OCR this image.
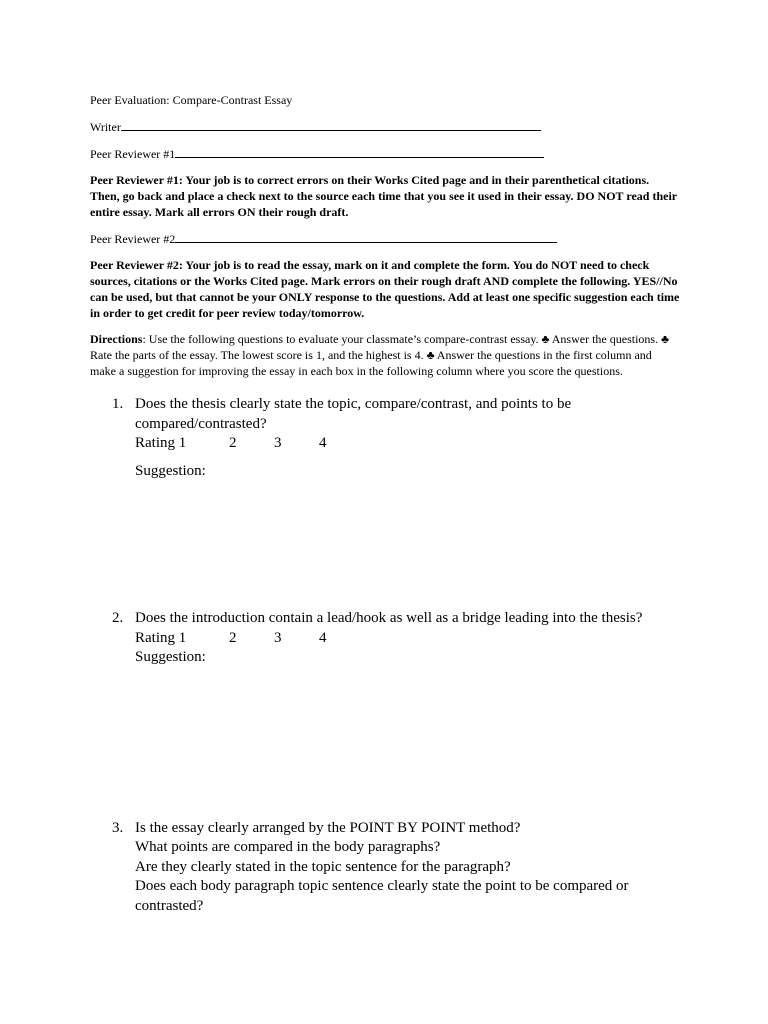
Peer Evaluation: Compare-Contrast Essay
Writer
Peer Reviewer #1
Peer Reviewer #1: Your job is to correct errors on their Works Cited page and in their parenthetical citations. Then, go back and place a check next to the source each time that you see it used in their essay. DO NOT read their entire essay. Mark all errors ON their rough draft.
Peer Reviewer #2
Peer Reviewer #2: Your job is to read the essay, mark on it and complete the form. You do NOT need to check sources, citations or the Works Cited page. Mark errors on their rough draft AND complete the following. YES//No can be used, but that cannot be your ONLY response to the questions. Add at least one specific suggestion each time in order to get credit for peer review today/tomorrow.
Directions: Use the following questions to evaluate your classmate’s compare-contrast essay. ♣ Answer the questions. ♣ Rate the parts of the essay. The lowest score is 1, and the highest is 4. ♣ Answer the questions in the first column and make a suggestion for improving the essay in each box in the following column where you score the questions.
1. Does the thesis clearly state the topic, compare/contrast, and points to be compared/contrasted?
Rating 1	2	3	4
Suggestion:
2. Does the introduction contain a lead/hook as well as a bridge leading into the thesis?
Rating 1	2	3	4
Suggestion:
3. Is the essay clearly arranged by the POINT BY POINT method?
What points are compared in the body paragraphs?
Are they clearly stated in the topic sentence for the paragraph?
Does each body paragraph topic sentence clearly state the point to be compared or contrasted?
